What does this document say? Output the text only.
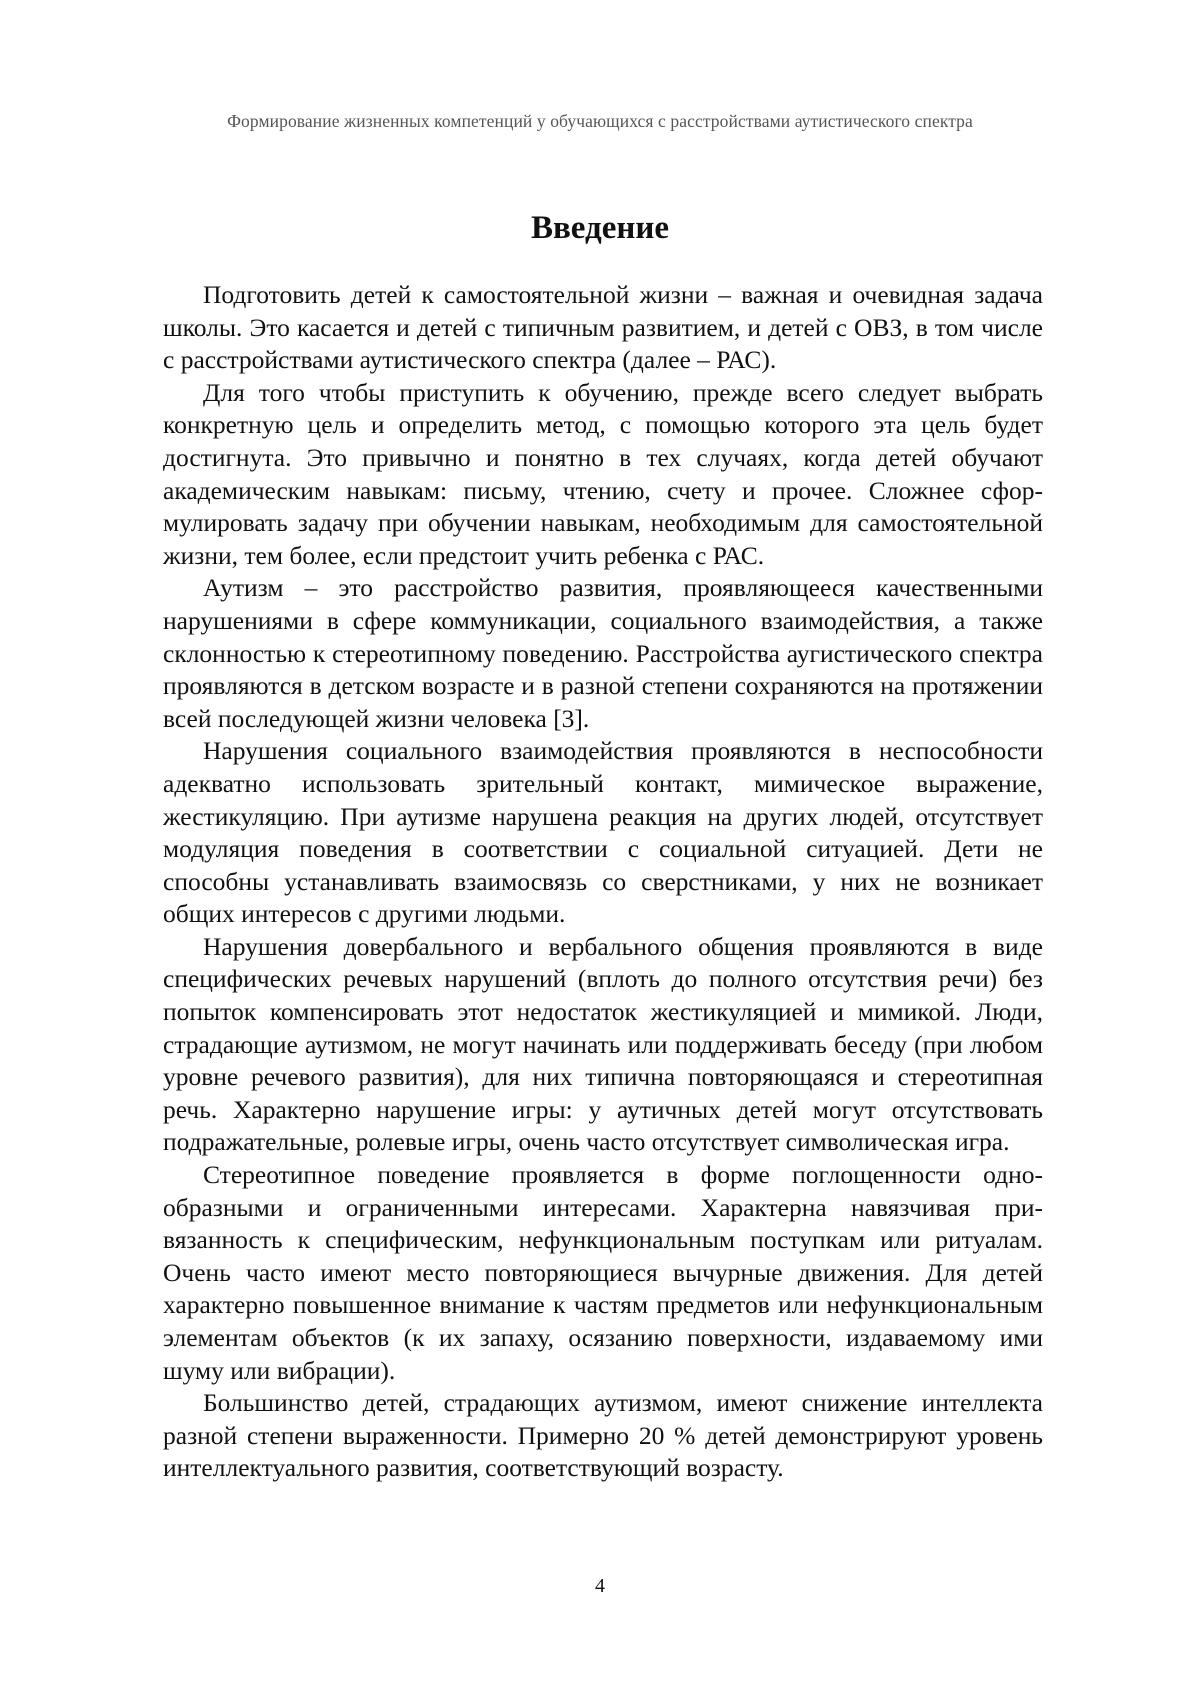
Формирование жизненных компетенций у обучающихся с расстройствами аутистического спектра
Введение

Подготовить детей к самостоятельной жизни – важная и очевидная задача школы. Это касается и детей с типичным развитием, и детей с ОВЗ, в том числе с расстройствами аутистического спектра (далее – РАС).

Для того чтобы приступить к обучению, прежде всего следует выбрать конкретную цель и определить метод, с помощью которого эта цель будет достигнута. Это привычно и понятно в тех случаях, когда детей обучают академическим навыкам: письму, чтению, счету и прочее. Сложнее сформулировать задачу при обучении навыкам, необходимым для самостоятельной жизни, тем более, если предстоит учить ребенка с РАС.

Аутизм – это расстройство развития, проявляющееся качественными нарушениями в сфере коммуникации, социального взаимодействия, а также склонностью к стереотипному поведению. Расстройства аугистического спектра проявляются в детском возрасте и в разной степени сохраняются на протяжении всей последующей жизни человека [3].

Нарушения социального взаимодействия проявляются в неспособности адекватно использовать зрительный контакт, мимическое выражение, жестикуляцию. При аутизме нарушена реакция на других людей, отсутствует модуляция поведения в соответствии с социальной ситуацией. Дети не способны устанавливать взаимосвязь со сверстниками, у них не возникает общих интересов с другими людьми.

Нарушения довербального и вербального общения проявляются в виде специфических речевых нарушений (вплоть до полного отсутствия речи) без попыток компенсировать этот недостаток жестикуляцией и мимикой. Люди, страдающие аутизмом, не могут начинать или поддерживать беседу (при любом уровне речевого развития), для них типична повторяющаяся и стереотипная речь. Характерно нарушение игры: у аутичных детей могут отсутствовать подражательные, ролевые игры, очень часто отсутствует символическая игра.

Стереотипное поведение проявляется в форме поглощенности однообразными и ограниченными интересами. Характерна навязчивая привязанность к специфическим, нефункциональным поступкам или ритуалам. Очень часто имеют место повторяющиеся вычурные движения. Для детей характерно повышенное внимание к частям предметов или нефункциональным элементам объектов (к их запаху, осязанию поверхности, издаваемому ими шуму или вибрации).

Большинство детей, страдающих аутизмом, имеют снижение интеллекта разной степени выраженности. Примерно 20 % детей демонстрируют уровень интеллектуального развития, соответствующий возрасту.

4
